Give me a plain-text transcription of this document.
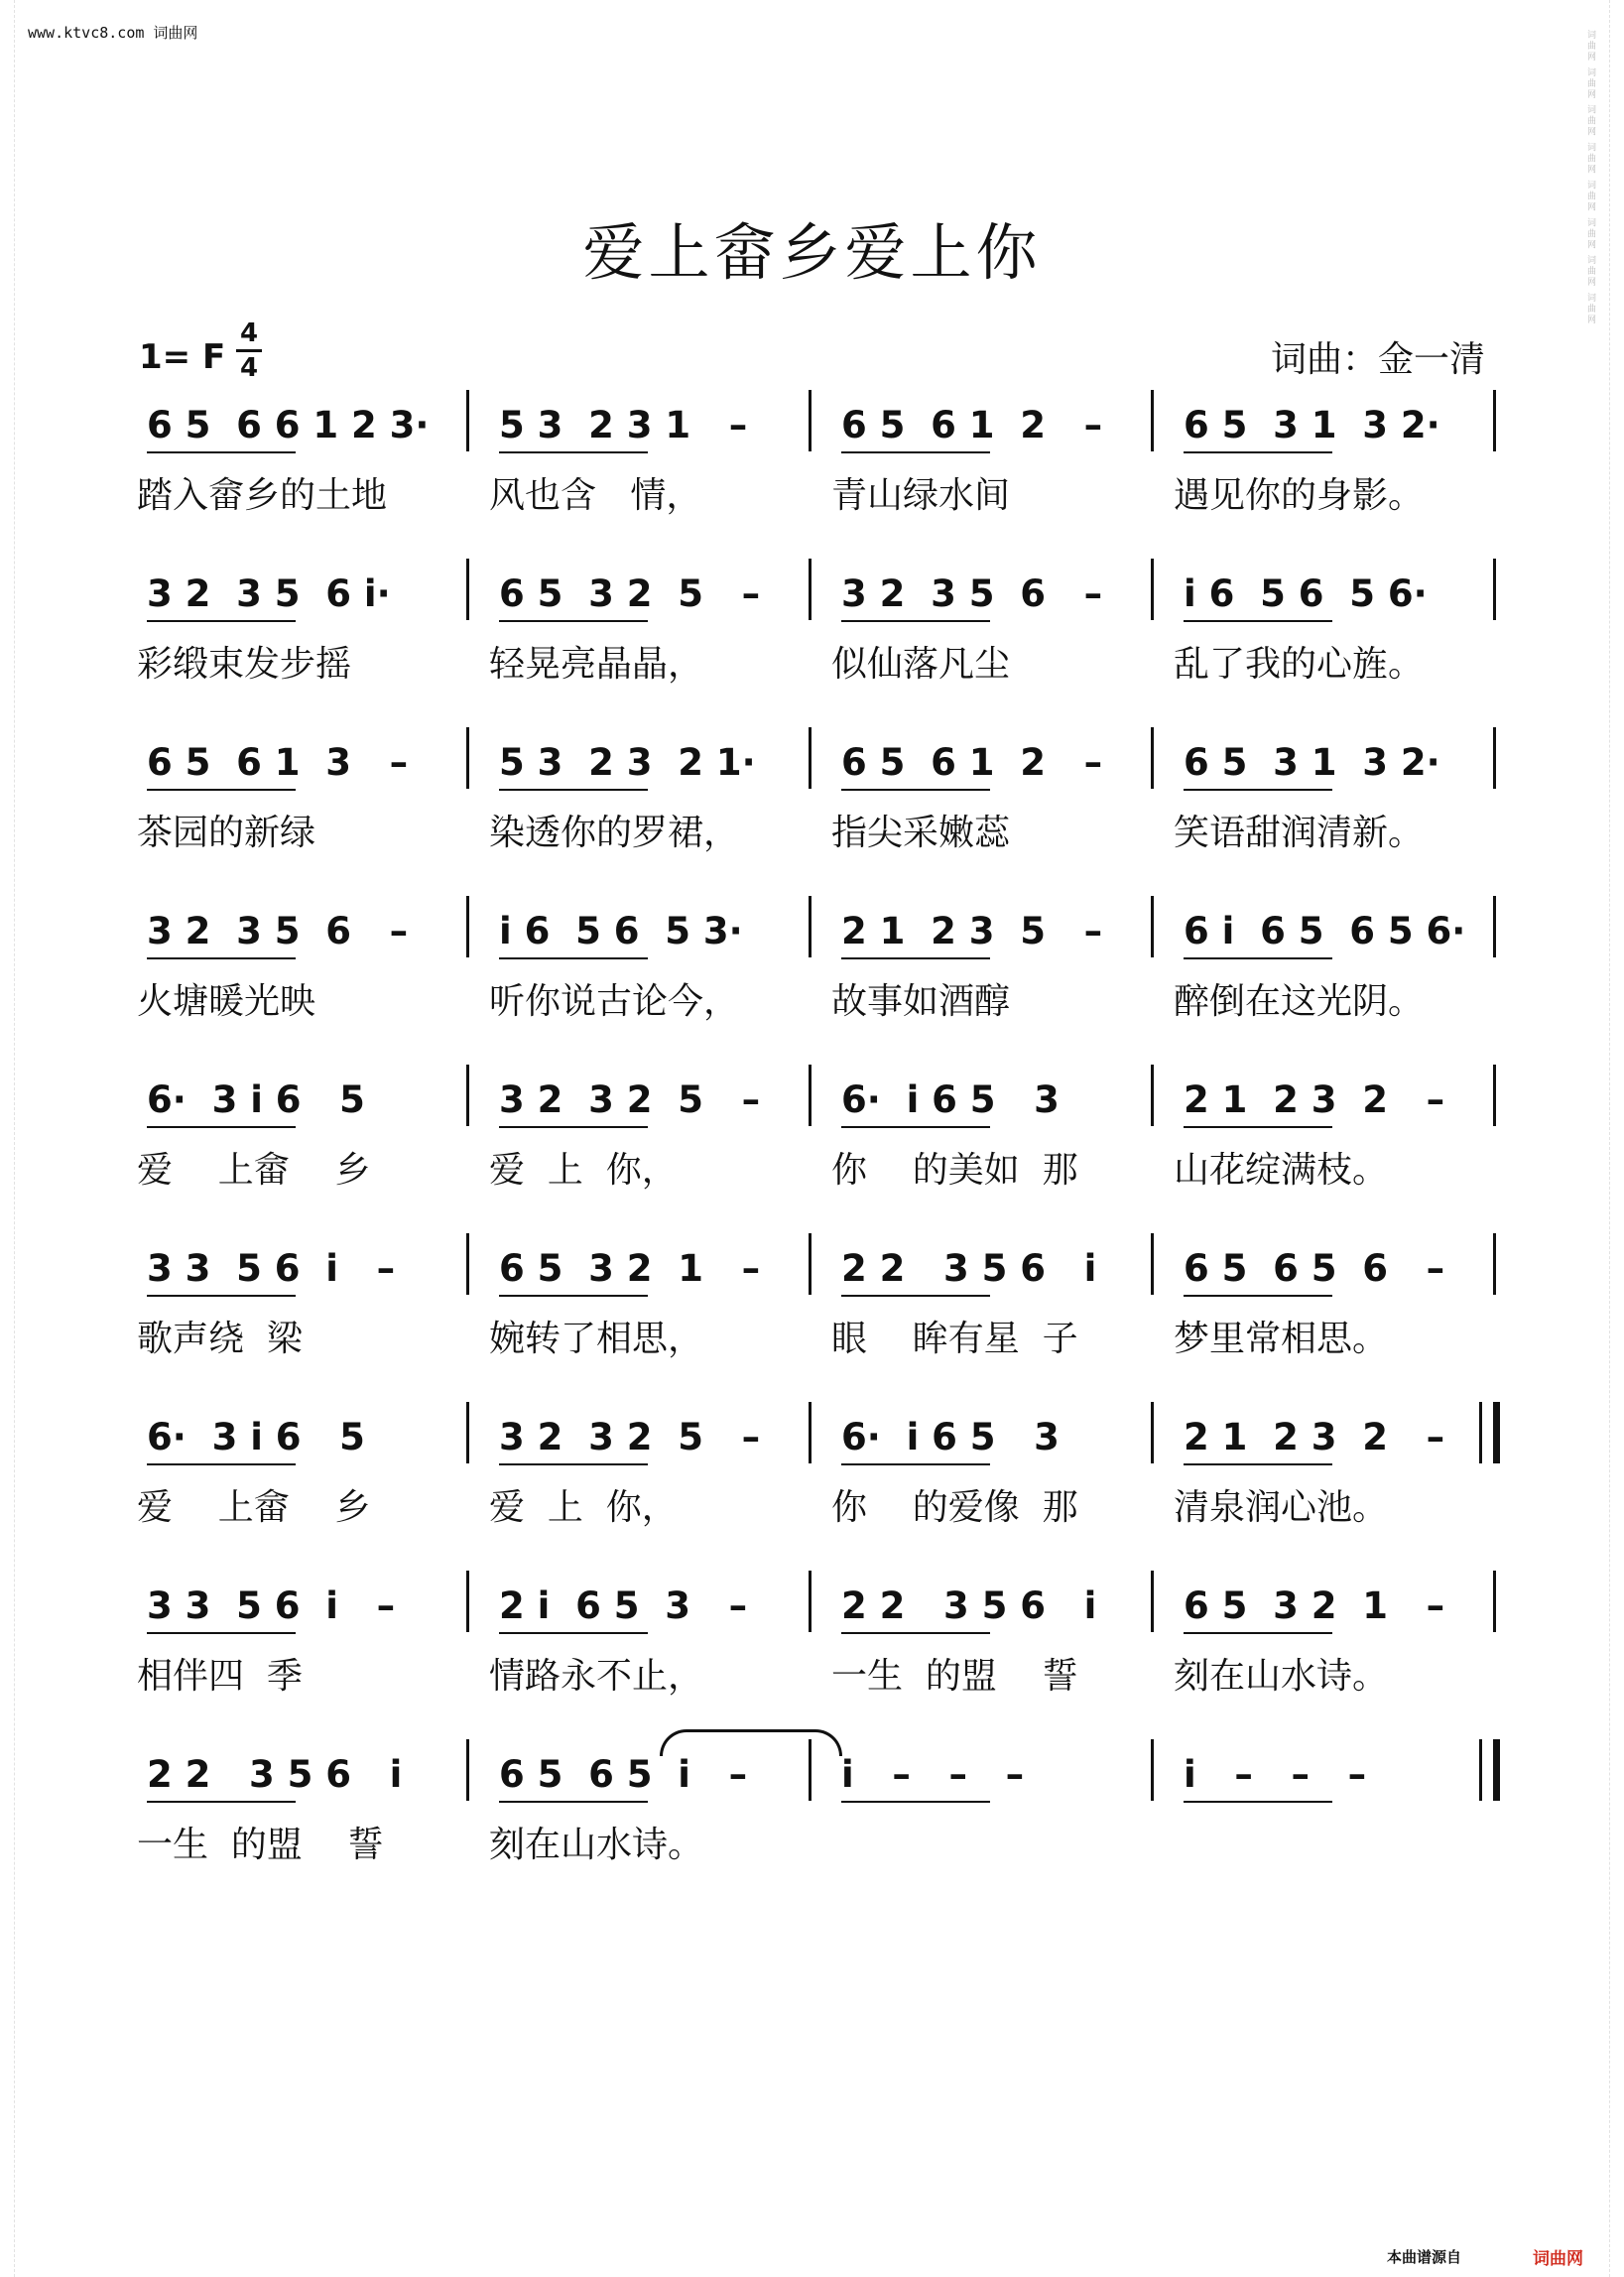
词曲网 词曲网 词曲网 词曲网 词曲网 词曲网 词曲网 词曲网
www.ktvc8.com 词曲网
爱上畲乡爱上你
1= F
4
4	词曲：金一清
6 5  6 6 1 2 3· 5 3  2 3 1   –	6 5  6 1  2   – 6 5  3 1  3 2·
踏入畲乡的土地	风也含   情，	青山绿水间	遇见你的身影。
3 2  3 5  6 i·	6 5  3 2  5   – 3 2  3 5  6   – i 6  5 6  5 6·
彩缎束发步摇	轻晃亮晶晶，	似仙落凡尘	乱了我的心旌。
6 5  6 1  3   – 5 3  2 3  2 1· 6 5  6 1  2   – 6 5  3 1  3 2·
茶园的新绿	染透你的罗裙，	指尖采嫩蕊	笑语甜润清新。
3 2  3 5  6   – i 6  5 6  5 3·	2 1  2 3  5   – 6 i  6 5  6 5 6·
火塘暖光映	听你说古论今，	故事如酒醇	醉倒在这光阴。
6·  3 i 6   5	3 2  3 2  5   – 6·  i 6 5   3	2 1  2 3  2   –
爱    上畲    乡	爱  上  你，	你    的美如  那	山花绽满枝。
3 3  5 6  i   –	6 5  3 2  1   – 2 2   3 5 6   i 6 5  6 5  6   –
歌声绕  梁	婉转了相思，	眼    眸有星  子	梦里常相思。
6·  3 i 6   5	3 2  3 2  5   – 6·  i 6 5   3	2 1  2 3  2   –
爱    上畲    乡	爱  上  你，	你    的爱像  那	清泉润心池。
3 3  5 6  i   –	2 i  6 5  3   –	2 2   3 5 6   i 6 5  3 2  1   –
相伴四  季	情路永不止，	一生  的盟    誓	刻在山水诗。
2 2   3 5 6   i	6 5  6 5  i   –	i   –   –   –	i   –   –   –
一生  的盟    誓	刻在山水诗。
本曲谱源自	词曲网
